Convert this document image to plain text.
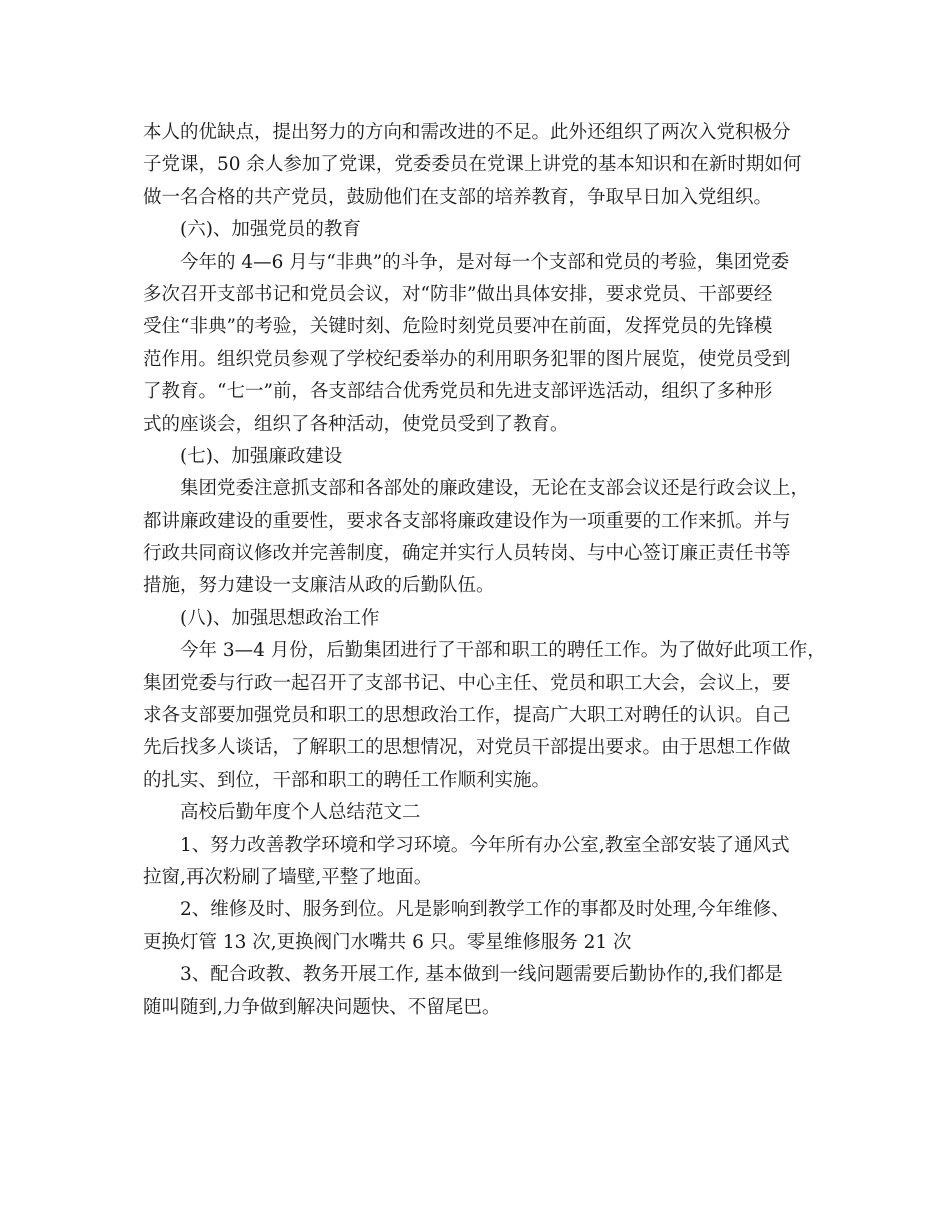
本人的优缺点，提出努力的方向和需改进的不足。此外还组织了两次入党积极分
子党课，50 余人参加了党课，党委委员在党课上讲党的基本知识和在新时期如何
做一名合格的共产党员，鼓励他们在支部的培养教育，争取早日加入党组织。
(六)、加强党员的教育
今年的 4—6 月与“非典”的斗争，是对每一个支部和党员的考验，集团党委
多次召开支部书记和党员会议，对“防非”做出具体安排，要求党员、干部要经
受住“非典”的考验，关键时刻、危险时刻党员要冲在前面，发挥党员的先锋模
范作用。组织党员参观了学校纪委举办的利用职务犯罪的图片展览，使党员受到
了教育。“七一”前，各支部结合优秀党员和先进支部评选活动，组织了多种形
式的座谈会，组织了各种活动，使党员受到了教育。
(七)、加强廉政建设
集团党委注意抓支部和各部处的廉政建设，无论在支部会议还是行政会议上，
都讲廉政建设的重要性，要求各支部将廉政建设作为一项重要的工作来抓。并与
行政共同商议修改并完善制度，确定并实行人员转岗、与中心签订廉正责任书等
措施，努力建设一支廉洁从政的后勤队伍。
(八)、加强思想政治工作
今年 3—4 月份，后勤集团进行了干部和职工的聘任工作。为了做好此项工作，
集团党委与行政一起召开了支部书记、中心主任、党员和职工大会，会议上，要
求各支部要加强党员和职工的思想政治工作，提高广大职工对聘任的认识。自己
先后找多人谈话，了解职工的思想情况，对党员干部提出要求。由于思想工作做
的扎实、到位，干部和职工的聘任工作顺利实施。
高校后勤年度个人总结范文二
1、努力改善教学环境和学习环境。今年所有办公室,教室全部安装了通风式
拉窗,再次粉刷了墙壁,平整了地面。
2、维修及时、服务到位。凡是影响到教学工作的事都及时处理,今年维修、
更换灯管 13 次,更换阀门水嘴共 6 只。零星维修服务 21 次
3、配合政教、教务开展工作, 基本做到一线问题需要后勤协作的,我们都是
随叫随到,力争做到解决问题快、不留尾巴。
